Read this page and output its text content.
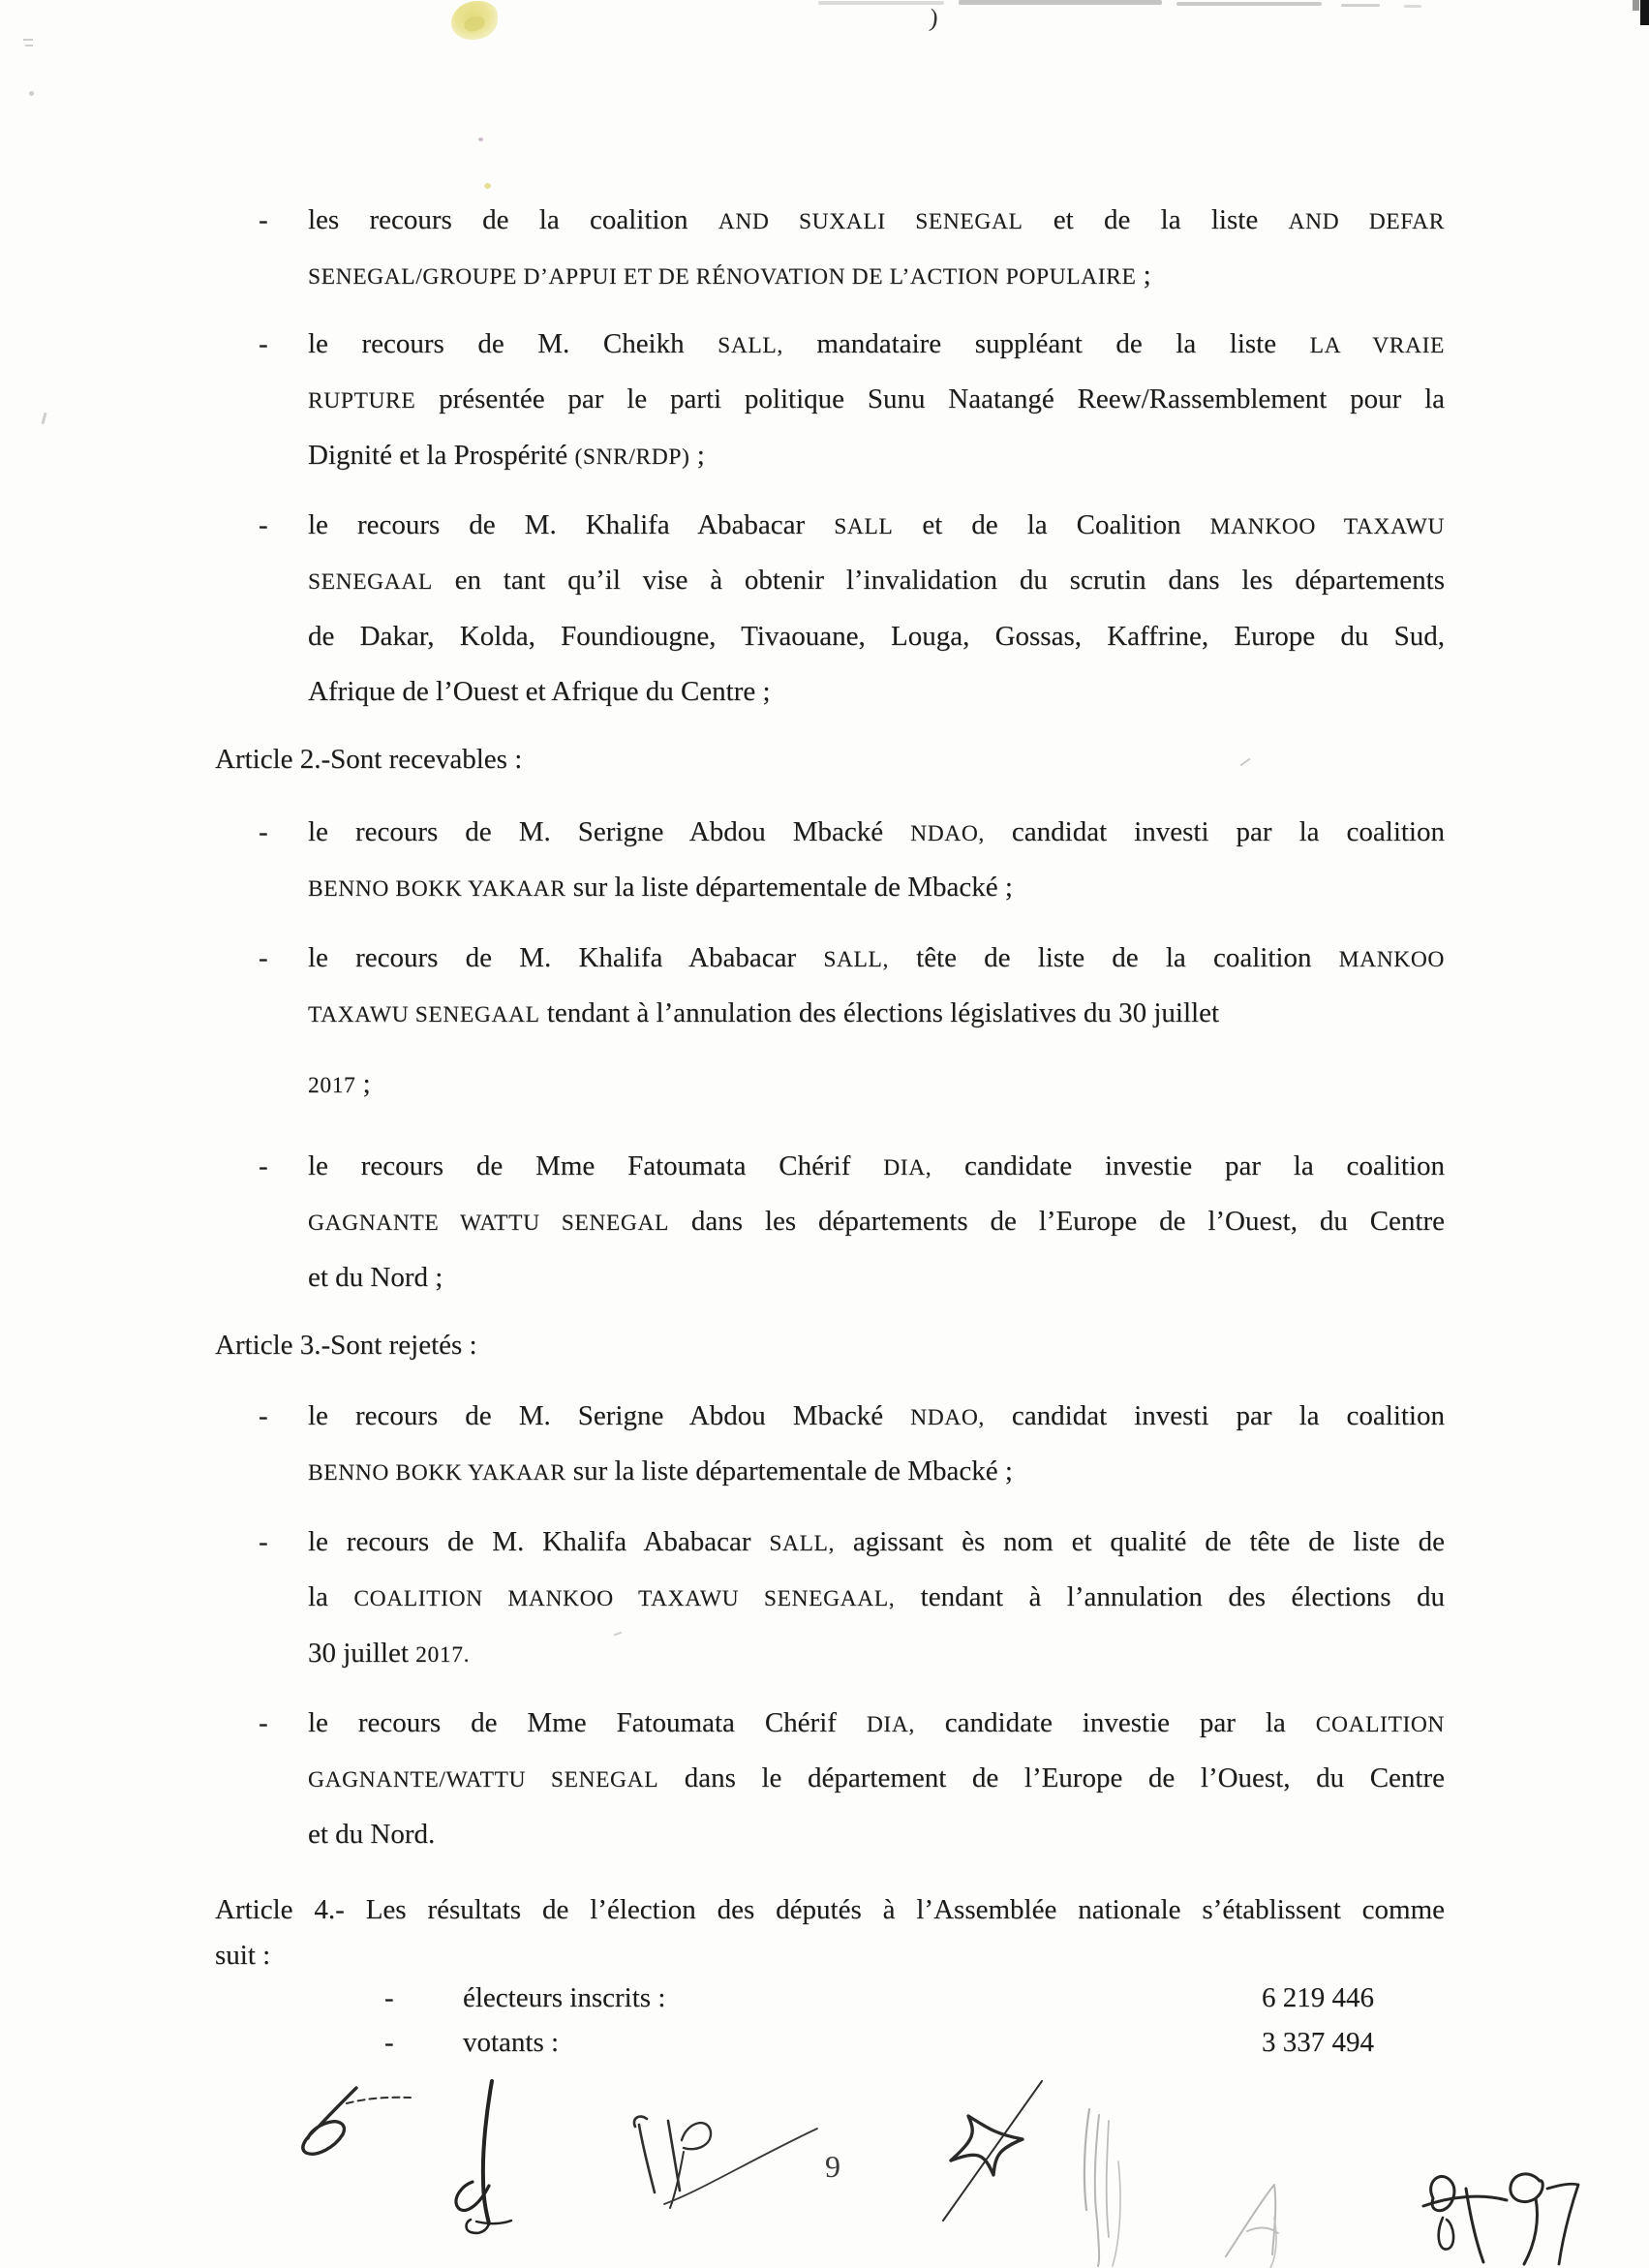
)
- les recours de la coalition AND SUXALI SENEGAL et de la liste AND DEFAR
SENEGAL/GROUPE D’APPUI ET DE RÉNOVATION DE L’ACTION POPULAIRE ;
- le recours de M. Cheikh SALL, mandataire suppléant de la liste LA VRAIE
RUPTURE présentée par le parti politique Sunu Naatangé Reew/Rassemblement pour la
Dignité et la Prospérité (SNR/RDP) ;
- le recours de M. Khalifa Ababacar SALL et de la Coalition MANKOO TAXAWU
SENEGAAL en tant qu’il vise à obtenir l’invalidation du scrutin dans les départements
de Dakar, Kolda, Foundiougne, Tivaouane, Louga, Gossas, Kaffrine, Europe du Sud,
Afrique de l’Ouest et Afrique du Centre ;
Article 2.-Sont recevables :
- le recours de M. Serigne Abdou Mbacké NDAO, candidat investi par la coalition
BENNO BOKK YAKAAR sur la liste départementale de Mbacké ;
- le recours de M. Khalifa Ababacar SALL, tête de liste de la coalition MANKOO
TAXAWU SENEGAAL tendant à l’annulation des élections législatives du 30 juillet
2017 ;
- le recours de Mme Fatoumata Chérif DIA, candidate investie par la coalition
GAGNANTE WATTU SENEGAL dans les départements de l’Europe de l’Ouest, du Centre
et du Nord ;
Article 3.-Sont rejetés :
- le recours de M. Serigne Abdou Mbacké NDAO, candidat investi par la coalition
BENNO BOKK YAKAAR sur la liste départementale de Mbacké ;
- le recours de M. Khalifa Ababacar SALL, agissant ès nom et qualité de tête de liste de
la COALITION MANKOO TAXAWU SENEGAAL, tendant à l’annulation des élections du
30 juillet 2017.
- le recours de Mme Fatoumata Chérif DIA, candidate investie par la COALITION
GAGNANTE/WATTU SENEGAL dans le département de l’Europe de l’Ouest, du Centre
et du Nord.
Article 4.- Les résultats de l’élection des députés à l’Assemblée nationale s’établissent comme
suit :
- électeurs inscrits :	6 219 446
- votants :	3 337 494
9
